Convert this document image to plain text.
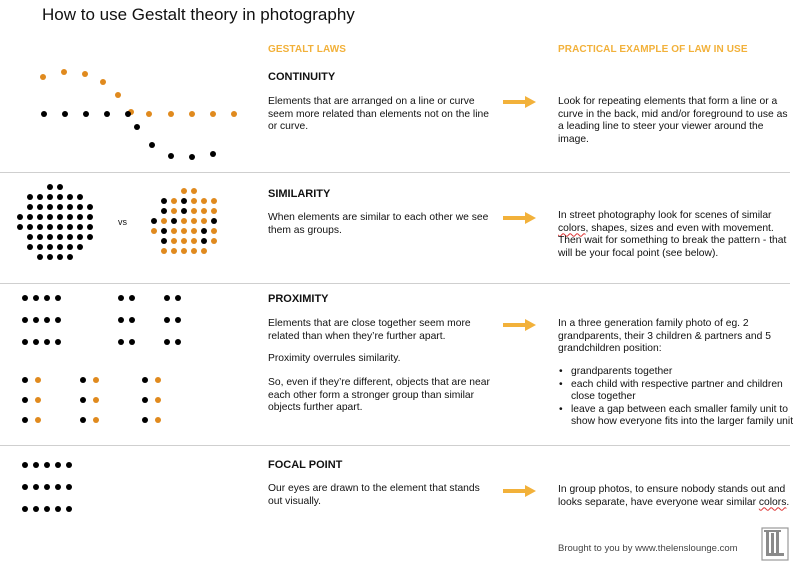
How to use Gestalt theory in photography
GESTALT LAWS	PRACTICAL EXAMPLE OF LAW IN USE
CONTINUITY
Elements that are arranged on a line or curve seem more related than elements not on the line or curve.
Look for repeating elements that form a line or a curve in the back, mid and/or foreground to use as a leading line to steer your viewer around the image.
SIMILARITY
When elements are similar to each other we see them as groups.
In street photography look for scenes of similar colors, shapes, sizes and even with movement. Then wait for something to break the pattern - that will be your focal point (see below).
vs
PROXIMITY
Elements that are close together seem more related than when they’re further apart.
Proximity overrules similarity.
So, even if they’re different, objects that are near each other form a stronger group than similar objects further apart.
In a three generation family photo of eg. 2 grandparents, their 3 children & partners and 5 grandchildren position:
• grandparents together
• each child with respective partner and children close together
• leave a gap between each smaller family unit to show how everyone fits into the larger family unit
FOCAL POINT
Our eyes are drawn to the element that stands out visually.
In group photos, to ensure nobody stands out and looks separate, have everyone wear similar colors.
Brought to you by www.thelenslounge.com
